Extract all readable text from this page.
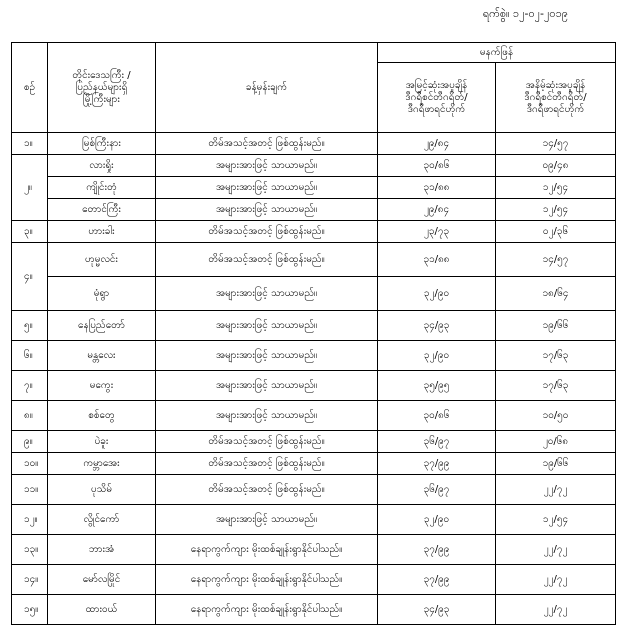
ရက်စွဲ။ ၁၂-၀၂-၂၀၁၉
စဉ်	တိုင်းဒေသကြီး /
ပြည်နယ်များရှိ
မြို့ကြီးများ	ခန့်မှန်းချက်	မနက်ဖြန်	

			အမြင့်ဆုံးအပူချိန်
ဒီဂရီစင်တီဂရိတ်/
ဒီဂရီဖာရင်ဟိုက်	အနိမ့်ဆုံးအပူချိန်
ဒီဂရီစင်တီဂရိတ်/
ဒီဂရီဖာရင်ဟိုက်

၁။	မြစ်ကြီးနား	တိမ်အသင့်အတင့် ဖြစ်ထွန်းမည်။	၂၉/၈၄	၁၄/၅၇
၂။	လားရှိုး	အများအားဖြင့် သာယာမည်။	၃၀/၈၆	၀၉/၄၈
	ကျိုင်းတုံ	အများအားဖြင့် သာယာမည်။	၃၁/၈၈	၁၂/၅၄
	တောင်ကြီး	အများအားဖြင့် သာယာမည်။	၂၉/၈၄	၁၂/၅၄
၃။	ဟားခါး	တိမ်အသင့်အတင့် ဖြစ်ထွန်းမည်။	၂၃/၇၃	၀၂/၃၆
၄။	ဟုမ္မလင်း	တိမ်အသင့်အတင့် ဖြစ်ထွန်းမည်။	၃၁/၈၈	၁၄/၅၇
	မုံရွာ	အများအားဖြင့် သာယာမည်။	၃၂/၉၀	၁၈/၆၄
၅။	နေပြည်တော်	အများအားဖြင့် သာယာမည်။	၃၄/၉၃	၁၉/၆၆
၆။	မန္တလေး	အများအားဖြင့် သာယာမည်။	၃၂/၉၀	၁၇/၆၃
၇။	မကွေး	အများအားဖြင့် သာယာမည်။	၃၅/၉၅	၁၇/၆၃
၈။	စစ်တွေ	အများအားဖြင့် သာယာမည်။	၃၀/၈၆	၁၀/၅၀
၉။	ပဲခူး	တိမ်အသင့်အတင့် ဖြစ်ထွန်းမည်။	၃၆/၉၇	၂၀/၆၈
၁၀။	ကမ္ဘာအေး	တိမ်အသင့်အတင့် ဖြစ်ထွန်းမည်။	၃၇/၉၉	၁၉/၆၆
၁၁။	ပုသိမ်	တိမ်အသင့်အတင့် ဖြစ်ထွန်းမည်။	၃၆/၉၇	၂၂/၇၂
၁၂။	လွိုင်ကော်	အများအားဖြင့် သာယာမည်။	၃၂/၉၀	၁၂/၅၄
၁၃။	ဘားအံ	နေရာကွက်ကျား မိုးထစ်ချုန်းရွာနိုင်ပါသည်။	၃၇/၉၉	၂၂/၇၂
၁၄။	မော်လမြိုင်	နေရာကွက်ကျား မိုးထစ်ချုန်းရွာနိုင်ပါသည်။	၃၇/၉၉	၂၂/၇၂
၁၅။	ထားဝယ်	နေရာကွက်ကျား မိုးထစ်ချုန်းရွာနိုင်ပါသည်။	၃၄/၉၃	၂၂/၇၂
